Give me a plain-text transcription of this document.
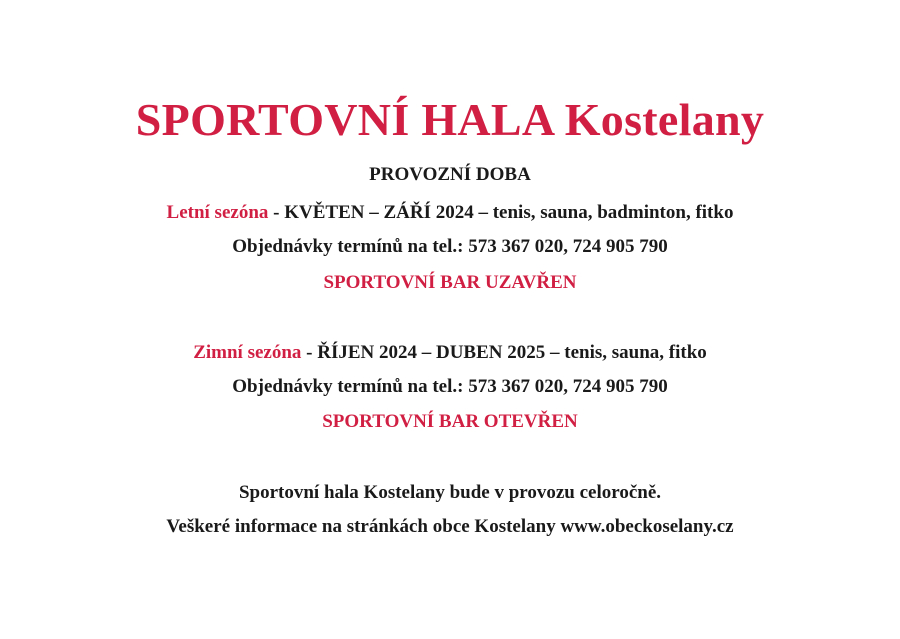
SPORTOVNÍ HALA Kostelany
PROVOZNÍ DOBA
Letní sezóna - KVĚTEN – ZÁŘÍ 2024 – tenis, sauna, badminton, fitko
Objednávky termínů na tel.: 573 367 020, 724 905 790
SPORTOVNÍ BAR UZAVŘEN
Zimní sezóna - ŘÍJEN 2024 – DUBEN 2025 – tenis, sauna, fitko
Objednávky termínů na tel.: 573 367 020, 724 905 790
SPORTOVNÍ BAR OTEVŘEN
Sportovní hala Kostelany bude v provozu celoročně.
Veškeré informace na stránkách obce Kostelany www.obeckoselany.cz
